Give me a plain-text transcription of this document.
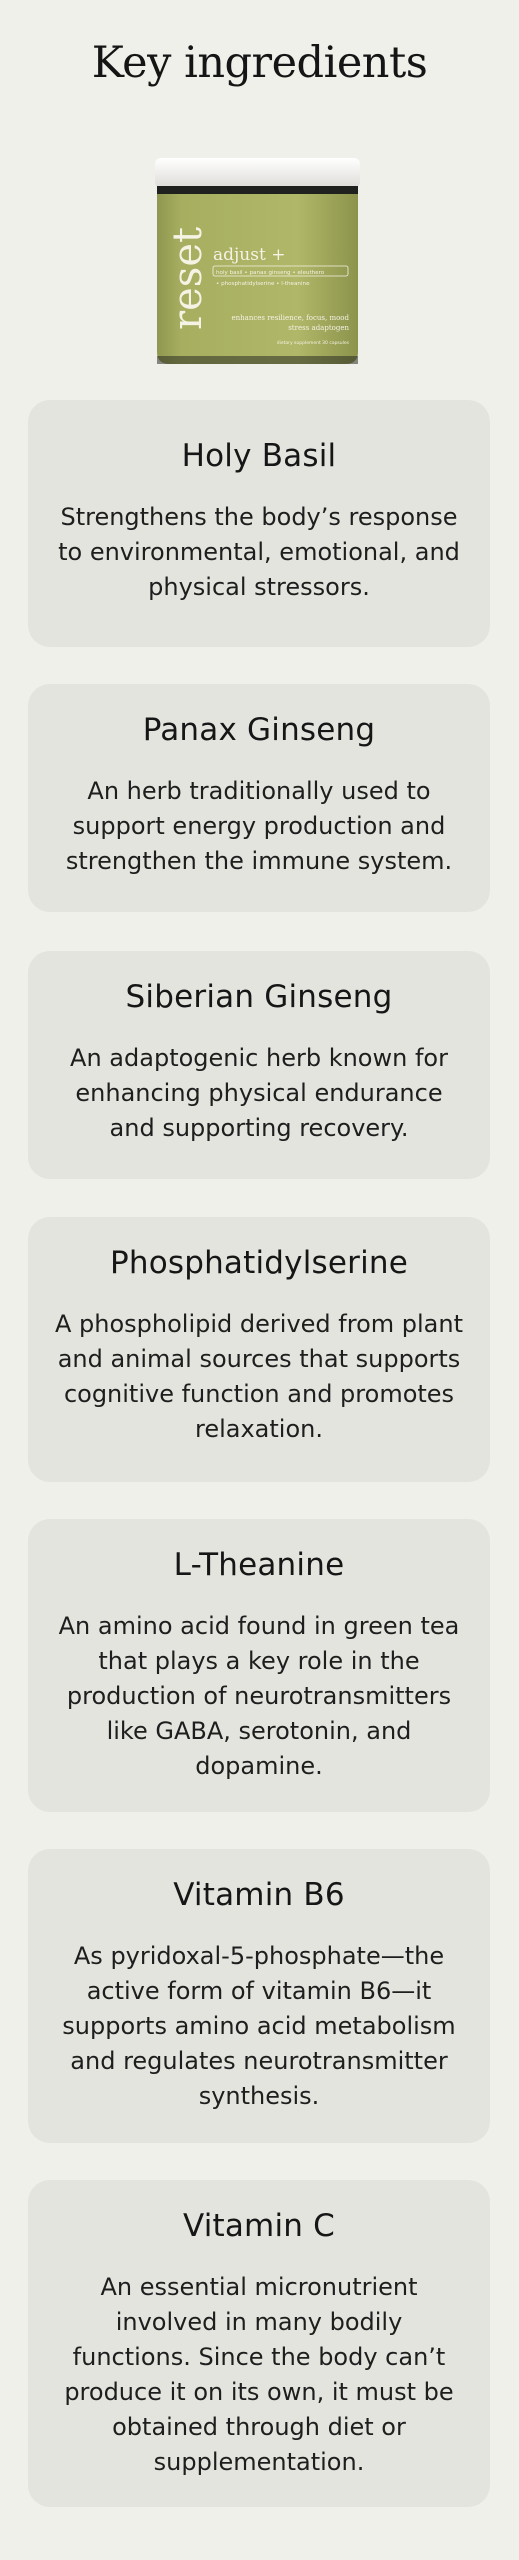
Key ingredients
reset adjust +
holy basil • panax ginseng • eleuthero
• phosphatidylserine • l-theanine
enhances resilience, focus, mood
stress adaptogen
dietary supplement 30 capsules
Holy Basil

Strengthens the body’s response to environmental, emotional, and physical stressors.

Panax Ginseng

An herb traditionally used to support energy production and strengthen the immune system.

Siberian Ginseng

An adaptogenic herb known for enhancing physical endurance and supporting recovery.

Phosphatidylserine

A phospholipid derived from plant and animal sources that supports cognitive function and promotes relaxation.

L-Theanine

An amino acid found in green tea that plays a key role in the production of neurotransmitters like GABA, serotonin, and dopamine.

Vitamin B6

As pyridoxal-5-phosphate—the active form of vitamin B6—it supports amino acid metabolism and regulates neurotransmitter synthesis.

Vitamin C

An essential micronutrient involved in many bodily functions. Since the body can’t produce it on its own, it must be obtained through diet or supplementation.
